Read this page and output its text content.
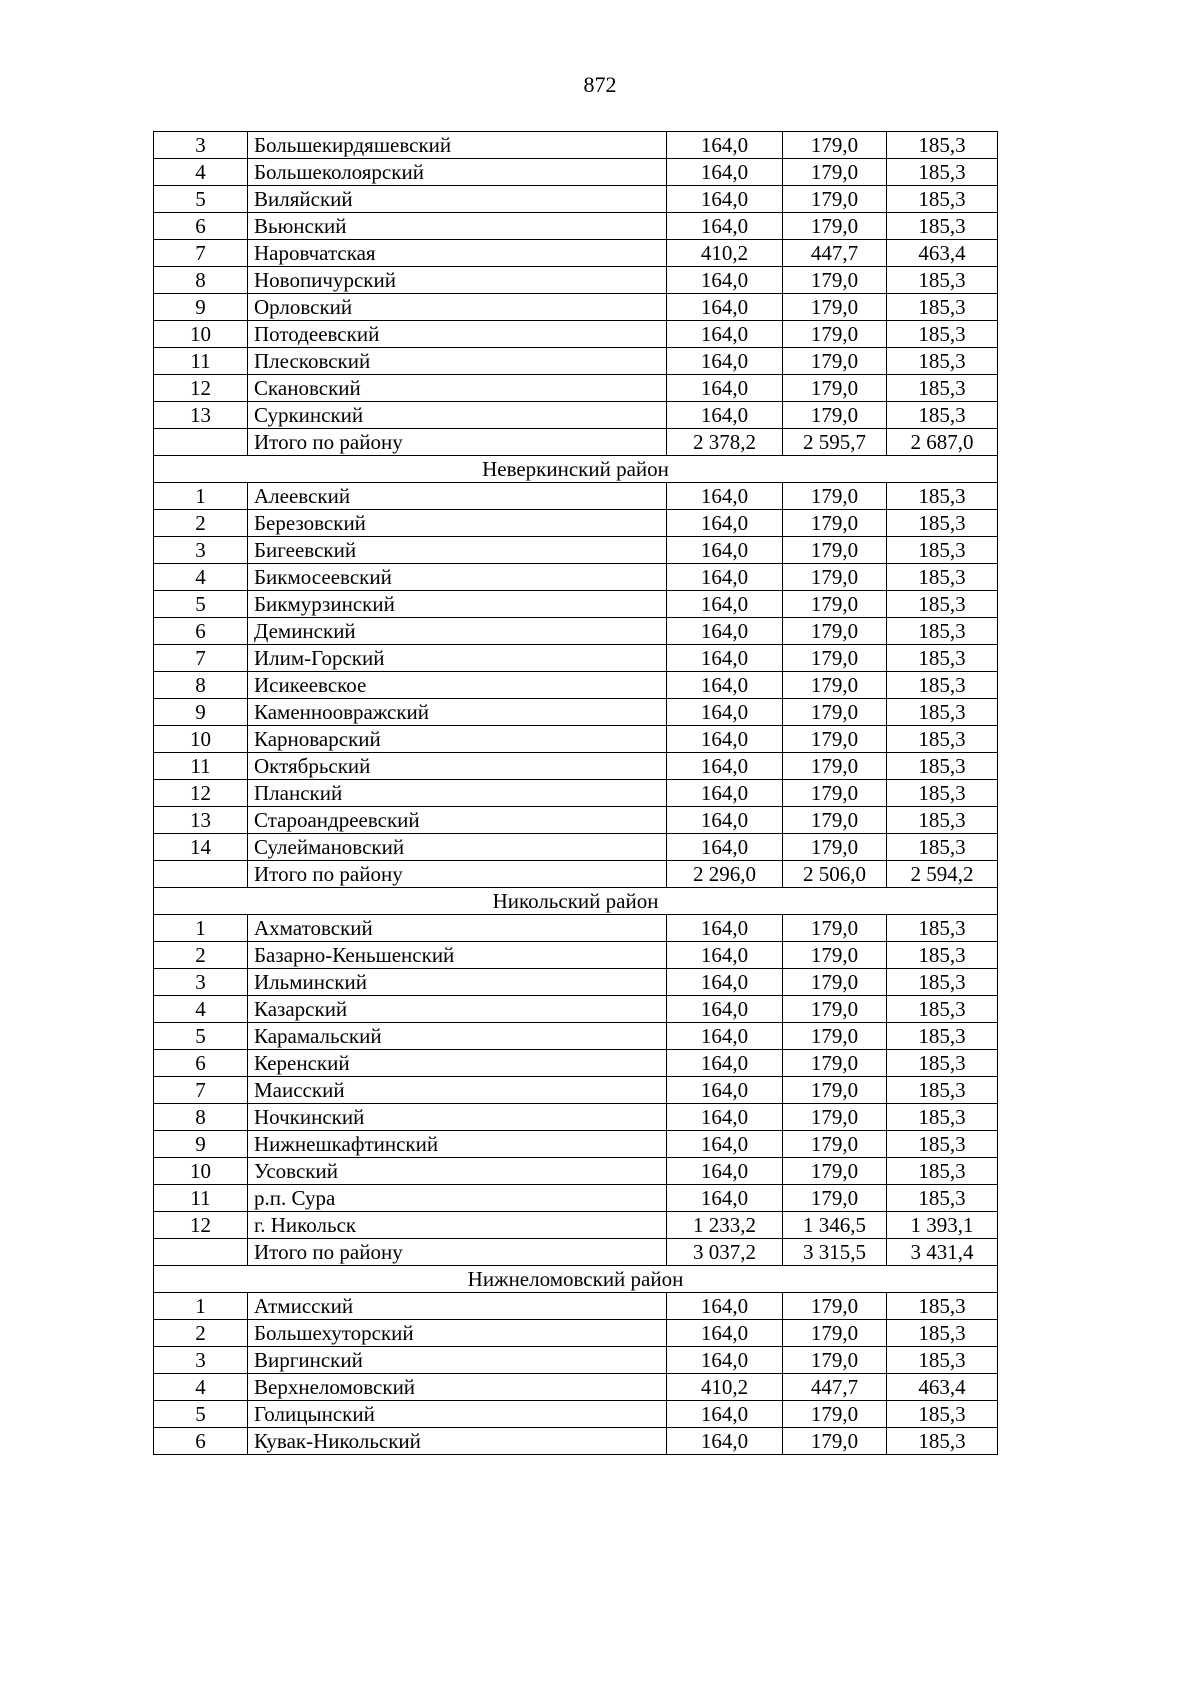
872
3	Большекирдяшевский	164,0	179,0	185,3
4	Большеколоярский	164,0	179,0	185,3
5	Виляйский	164,0	179,0	185,3
6	Вьюнский	164,0	179,0	185,3
7	Наровчатская	410,2	447,7	463,4
8	Новопичурский	164,0	179,0	185,3
9	Орловский	164,0	179,0	185,3
10	Потодеевский	164,0	179,0	185,3
11	Плесковский	164,0	179,0	185,3
12	Скановский	164,0	179,0	185,3
13	Суркинский	164,0	179,0	185,3
	Итого по району	2 378,2	2 595,7	2 687,0
Неверкинский район				
1	Алеевский	164,0	179,0	185,3
2	Березовский	164,0	179,0	185,3
3	Бигеевский	164,0	179,0	185,3
4	Бикмосеевский	164,0	179,0	185,3
5	Бикмурзинский	164,0	179,0	185,3
6	Деминский	164,0	179,0	185,3
7	Илим-Горский	164,0	179,0	185,3
8	Исикеевское	164,0	179,0	185,3
9	Каменноовражский	164,0	179,0	185,3
10	Карноварский	164,0	179,0	185,3
11	Октябрьский	164,0	179,0	185,3
12	Планский	164,0	179,0	185,3
13	Староандреевский	164,0	179,0	185,3
14	Сулеймановский	164,0	179,0	185,3
	Итого по району	2 296,0	2 506,0	2 594,2
Никольский район				
1	Ахматовский	164,0	179,0	185,3
2	Базарно-Кеньшенский	164,0	179,0	185,3
3	Ильминский	164,0	179,0	185,3
4	Казарский	164,0	179,0	185,3
5	Карамальский	164,0	179,0	185,3
6	Керенский	164,0	179,0	185,3
7	Маисский	164,0	179,0	185,3
8	Ночкинский	164,0	179,0	185,3
9	Нижнешкафтинский	164,0	179,0	185,3
10	Усовский	164,0	179,0	185,3
11	р.п. Сура	164,0	179,0	185,3
12	г. Никольск	1 233,2	1 346,5	1 393,1
	Итого по району	3 037,2	3 315,5	3 431,4
Нижнеломовский район				
1	Атмисский	164,0	179,0	185,3
2	Большехуторский	164,0	179,0	185,3
3	Виргинский	164,0	179,0	185,3
4	Верхнеломовский	410,2	447,7	463,4
5	Голицынский	164,0	179,0	185,3
6	Кувак-Никольский	164,0	179,0	185,3
